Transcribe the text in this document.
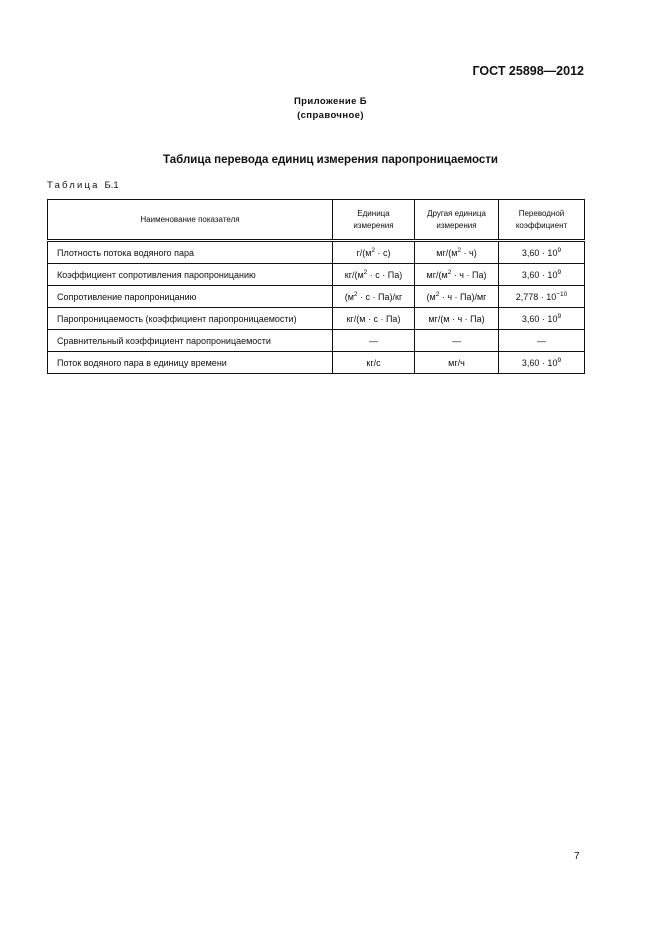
ГОСТ 25898—2012
Приложение Б
(справочное)
Таблица перевода единиц измерения паропроницаемости
Таблица Б.1
Наименование показателя	Единица измерения	Другая единица измерения	Переводной коэффициент
Плотность потока водяного пара	$г/(м^2 \cdot с)$	$мг/(м^2 \cdot ч)$	$3,60 \cdot 10^9$
Коэффициент сопротивления паропроницанию	$кг/(м^2 \cdot с \cdot Па)$	$мг/(м^2 \cdot ч \cdot Па)$	$3,60 \cdot 10^9$
Сопротивление паропроницанию	$(м^2 \cdot с \cdot Па)/кг$	$(м^2 \cdot ч \cdot Па)/мг$	$2,778 \cdot 10^{-10}$
Паропроницаемость (коэффициент паропроницаемости)	кг/(м · с · Па)	мг/(м · ч · Па)	$3,60 \cdot 10^9$
Сравнительный коэффициент паропроницаемости	—	—	—
Поток водяного пара в единицу времени	кг/с	мг/ч	$3,60 \cdot 10^9$
7
